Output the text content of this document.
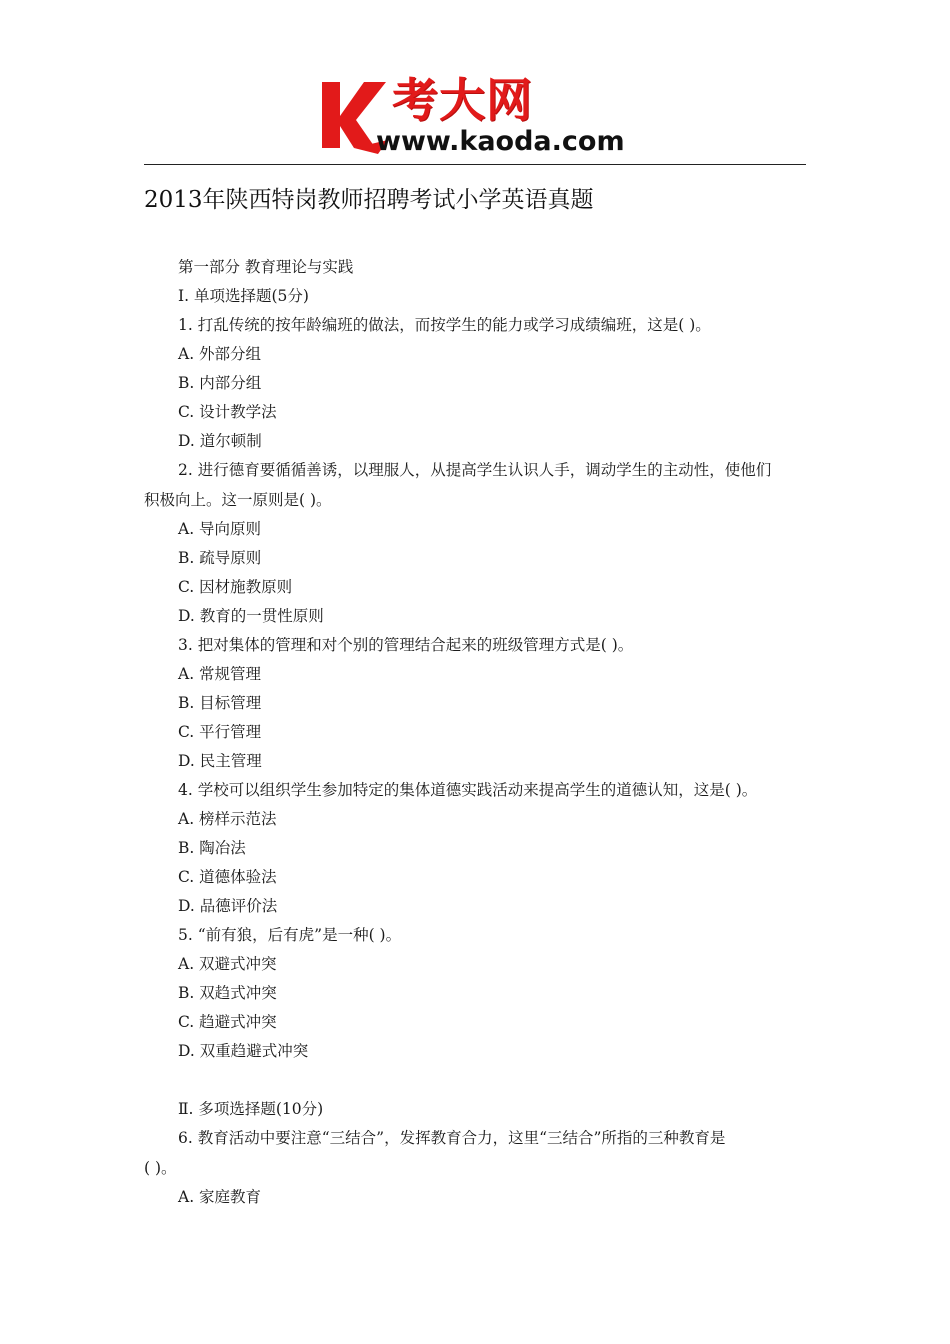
考大网
www.kaoda.com
2013年陕西特岗教师招聘考试小学英语真题
第一部分 教育理论与实践
I. 单项选择题(5分)
1. 打乱传统的按年龄编班的做法，而按学生的能力或学习成绩编班，这是( )。
A. 外部分组
B. 内部分组
C. 设计教学法
D. 道尔顿制
2. 进行德育要循循善诱，以理服人，从提高学生认识人手，调动学生的主动性，使他们
积极向上。这一原则是( )。
A. 导向原则
B. 疏导原则
C. 因材施教原则
D. 教育的一贯性原则
3. 把对集体的管理和对个别的管理结合起来的班级管理方式是( )。
A. 常规管理
B. 目标管理
C. 平行管理
D. 民主管理
4. 学校可以组织学生参加特定的集体道德实践活动来提高学生的道德认知，这是( )。
A. 榜样示范法
B. 陶冶法
C. 道德体验法
D. 品德评价法
5. “前有狼，后有虎”是一种( )。
A. 双避式冲突
B. 双趋式冲突
C. 趋避式冲突
D. 双重趋避式冲突
Ⅱ. 多项选择题(10分)
6. 教育活动中要注意“三结合”，发挥教育合力，这里“三结合”所指的三种教育是
( )。
A. 家庭教育
